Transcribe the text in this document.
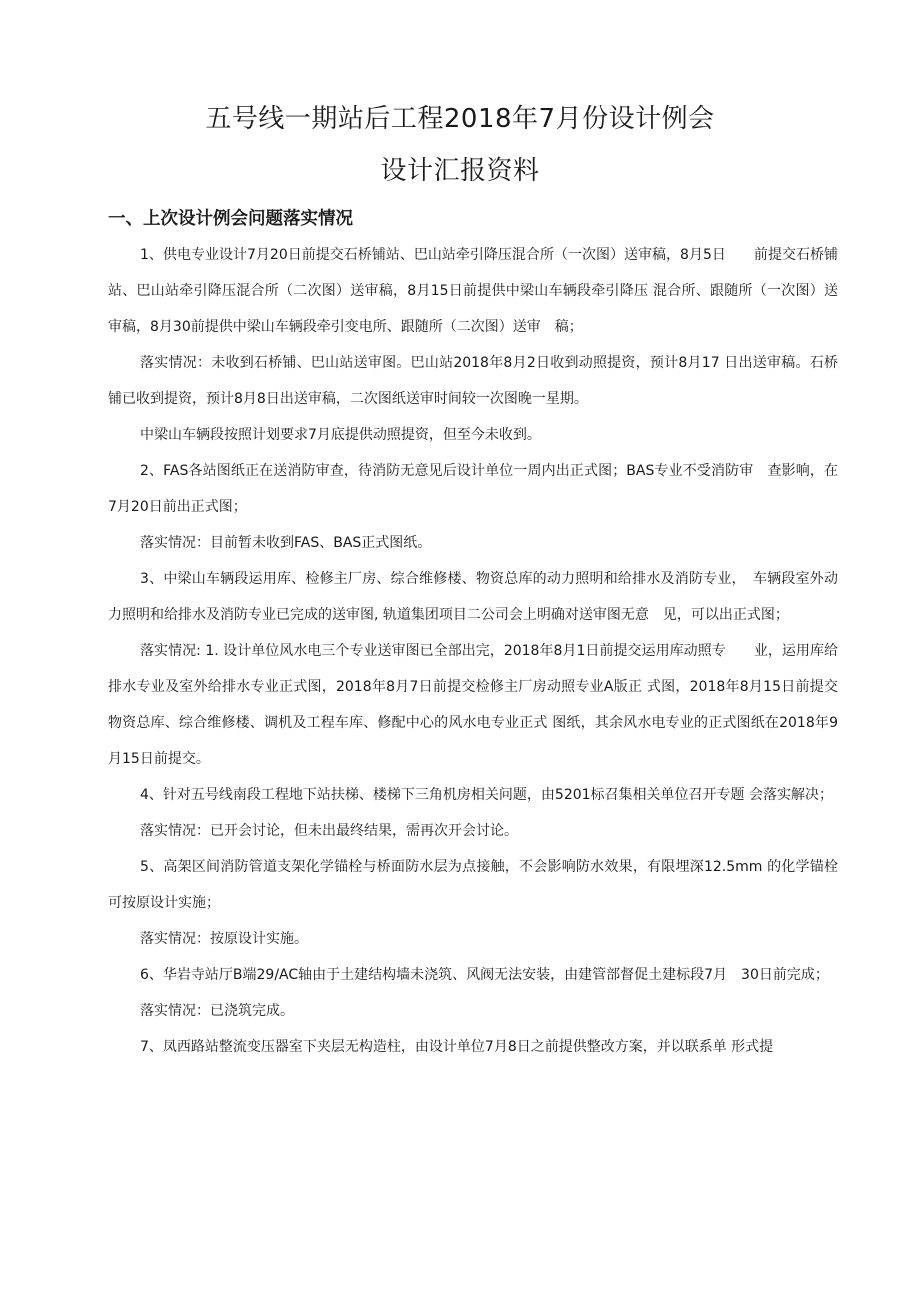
五号线一期站后工程2018年7月份设计例会
设计汇报资料
一、上次设计例会问题落实情况

1、供电专业设计7月20日前提交石桥铺站、巴山站牵引降压混合所（一次图）送审稿，8月5日　　前提交石桥铺站、巴山站牵引降压混合所（二次图）送审稿，8月15日前提供中梁山车辆段牵引降压 混合所、跟随所（一次图）送审稿，8月30前提供中梁山车辆段牵引变电所、跟随所（二次图）送审　稿；

落实情况：未收到石桥铺、巴山站送审图。巴山站2018年8月2日收到动照提资，预计8月17 日出送审稿。石桥铺已收到提资，预计8月8日出送审稿，二次图纸送审时间较一次图晚一星期。

中梁山车辆段按照计划要求7月底提供动照提资，但至今未收到。

2、FAS各站图纸正在送消防审查，待消防无意见后设计单位一周内出正式图；BAS专业不受消防审　查影响，在7月20日前出正式图；

落实情况：目前暂未收到FAS、BAS正式图纸。

3、中梁山车辆段运用库、检修主厂房、综合维修楼、物资总库的动力照明和给排水及消防专业，　车辆段室外动力照明和给排水及消防专业已完成的送审图, 轨道集团项目二公司会上明确对送审图无意　见，可以出正式图；

落实情况: 1. 设计单位风水电三个专业送审图已全部出完，2018年8月1日前提交运用库动照专　　业，运用库给排水专业及室外给排水专业正式图，2018年8月7日前提交检修主厂房动照专业A版正 式图，2018年8月15日前提交物资总库、综合维修楼、调机及工程车库、修配中心的风水电专业正式 图纸，其余风水电专业的正式图纸在2018年9月15日前提交。

4、针对五号线南段工程地下站扶梯、楼梯下三角机房相关问题，由5201标召集相关单位召开专题 会落实解决；

落实情况：已开会讨论，但未出最终结果，需再次开会讨论。

5、高架区间消防管道支架化学锚栓与桥面防水层为点接触，不会影响防水效果，有限埋深12.5mm 的化学锚栓可按原设计实施；

落实情况：按原设计实施。

6、华岩寺站厅B端29/AC轴由于土建结构墙未浇筑、风阀无法安装，由建管部督促土建标段7月　30日前完成；

落实情况：已浇筑完成。

7、凤西路站整流变压器室下夹层无构造柱，由设计单位7月8日之前提供整改方案，并以联系单 形式提
